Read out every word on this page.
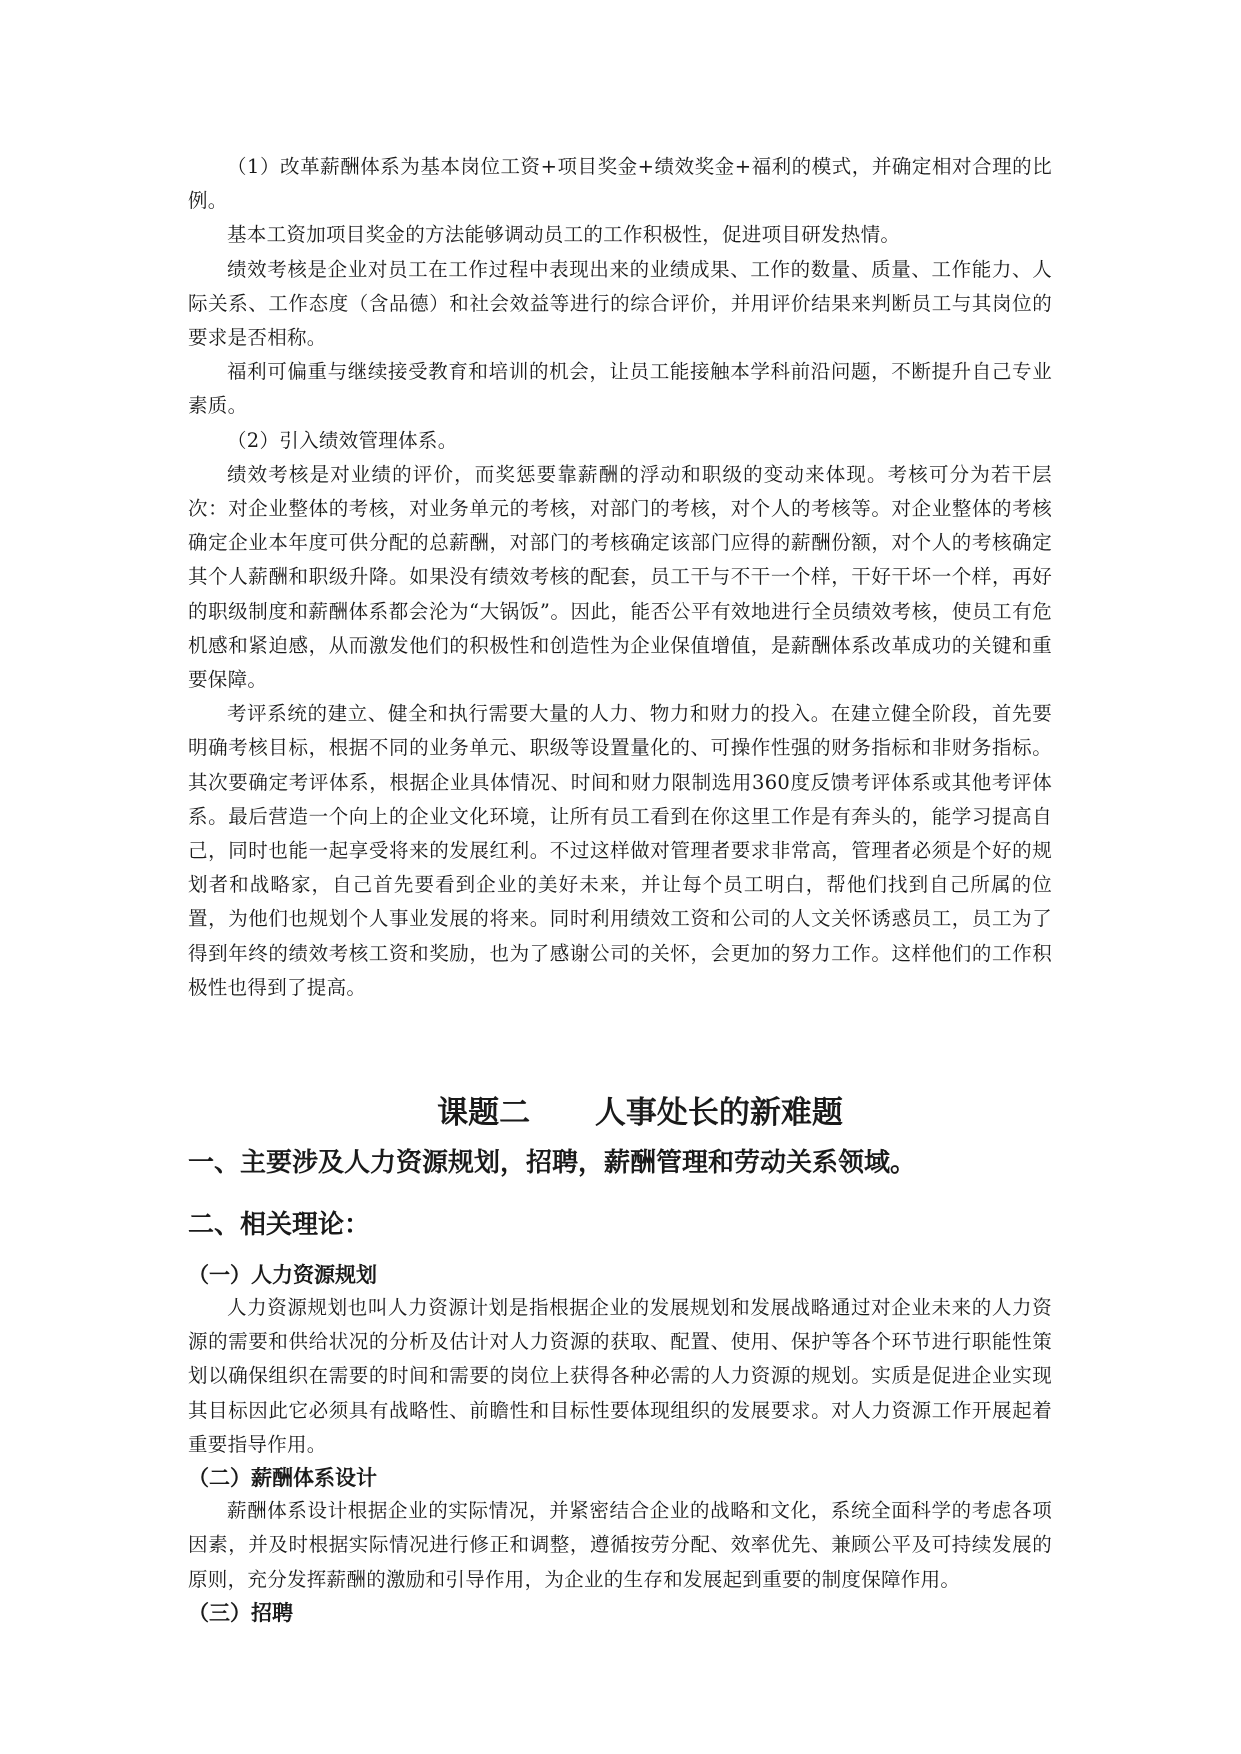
（1）改革薪酬体系为基本岗位工资+项目奖金+绩效奖金+福利的模式，并确定相对合理的比例。

基本工资加项目奖金的方法能够调动员工的工作积极性，促进项目研发热情。

绩效考核是企业对员工在工作过程中表现出来的业绩成果、工作的数量、质量、工作能力、人际关系、工作态度（含品德）和社会效益等进行的综合评价，并用评价结果来判断员工与其岗位的要求是否相称。

福利可偏重与继续接受教育和培训的机会，让员工能接触本学科前沿问题，不断提升自己专业素质。

（2）引入绩效管理体系。

绩效考核是对业绩的评价，而奖惩要靠薪酬的浮动和职级的变动来体现。考核可分为若干层次：对企业整体的考核，对业务单元的考核，对部门的考核，对个人的考核等。对企业整体的考核确定企业本年度可供分配的总薪酬，对部门的考核确定该部门应得的薪酬份额，对个人的考核确定其个人薪酬和职级升降。如果没有绩效考核的配套，员工干与不干一个样，干好干坏一个样，再好的职级制度和薪酬体系都会沦为“大锅饭”。因此，能否公平有效地进行全员绩效考核，使员工有危机感和紧迫感，从而激发他们的积极性和创造性为企业保值增值，是薪酬体系改革成功的关键和重要保障。

考评系统的建立、健全和执行需要大量的人力、物力和财力的投入。在建立健全阶段，首先要明确考核目标，根据不同的业务单元、职级等设置量化的、可操作性强的财务指标和非财务指标。其次要确定考评体系，根据企业具体情况、时间和财力限制选用360度反馈考评体系或其他考评体系。最后营造一个向上的企业文化环境，让所有员工看到在你这里工作是有奔头的，能学习提高自己，同时也能一起享受将来的发展红利。不过这样做对管理者要求非常高，管理者必须是个好的规划者和战略家，自己首先要看到企业的美好未来，并让每个员工明白，帮他们找到自己所属的位置，为他们也规划个人事业发展的将来。同时利用绩效工资和公司的人文关怀诱惑员工，员工为了得到年终的绩效考核工资和奖励，也为了感谢公司的关怀，会更加的努力工作。这样他们的工作积极性也得到了提高。

课题二      人事处长的新难题
一、主要涉及人力资源规划，招聘，薪酬管理和劳动关系领域。
二、相关理论：
（一）人力资源规划

人力资源规划也叫人力资源计划是指根据企业的发展规划和发展战略通过对企业未来的人力资源的需要和供给状况的分析及估计对人力资源的获取、配置、使用、保护等各个环节进行职能性策划以确保组织在需要的时间和需要的岗位上获得各种必需的人力资源的规划。实质是促进企业实现其目标因此它必须具有战略性、前瞻性和目标性要体现组织的发展要求。对人力资源工作开展起着重要指导作用。

（二）薪酬体系设计

薪酬体系设计根据企业的实际情况，并紧密结合企业的战略和文化，系统全面科学的考虑各项因素，并及时根据实际情况进行修正和调整，遵循按劳分配、效率优先、兼顾公平及可持续发展的原则，充分发挥薪酬的激励和引导作用，为企业的生存和发展起到重要的制度保障作用。

（三）招聘
